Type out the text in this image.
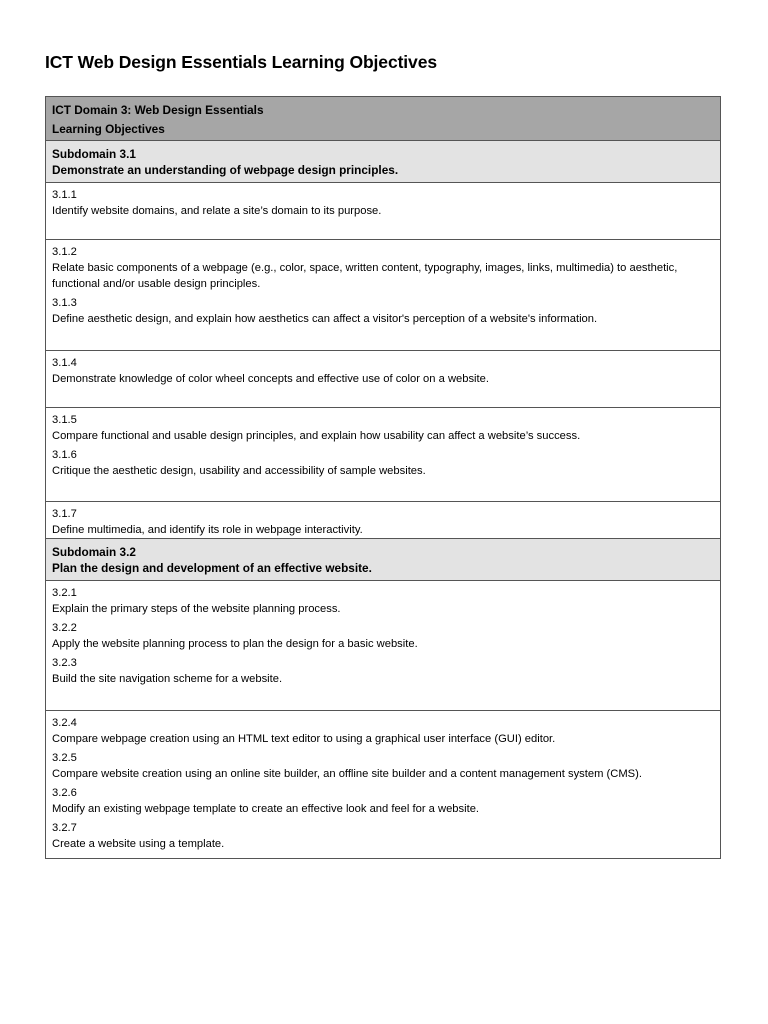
ICT Web Design Essentials Learning Objectives
ICT Domain 3: Web Design Essentials
Learning Objectives
Subdomain 3.1
Demonstrate an understanding of webpage design principles.
3.1.1
Identify website domains, and relate a site’s domain to its purpose.
3.1.2
Relate basic components of a webpage (e.g., color, space, written content, typography, images, links, multimedia) to aesthetic, functional and/or usable design principles.
3.1.3
Define aesthetic design, and explain how aesthetics can affect a visitor's perception of a website's information.
3.1.4
Demonstrate knowledge of color wheel concepts and effective use of color on a website.
3.1.5
Compare functional and usable design principles, and explain how usability can affect a website’s success.
3.1.6
Critique the aesthetic design, usability and accessibility of sample websites.
3.1.7
Define multimedia, and identify its role in webpage interactivity.
Subdomain 3.2
Plan the design and development of an effective website.
3.2.1
Explain the primary steps of the website planning process.
3.2.2
Apply the website planning process to plan the design for a basic website.
3.2.3
Build the site navigation scheme for a website.
3.2.4
Compare webpage creation using an HTML text editor to using a graphical user interface (GUI) editor.
3.2.5
Compare website creation using an online site builder, an offline site builder and a content management system (CMS).
3.2.6
Modify an existing webpage template to create an effective look and feel for a website.
3.2.7
Create a website using a template.
